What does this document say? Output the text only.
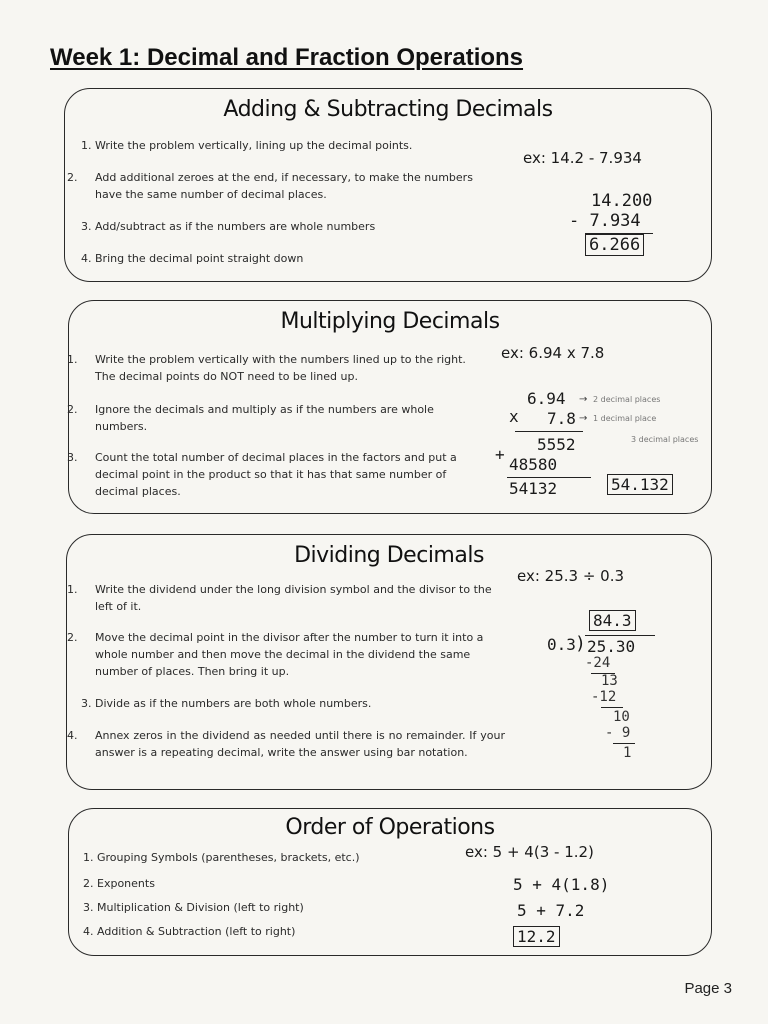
Week 1: Decimal and Fraction Operations
Adding & Subtracting Decimals
1. Write the problem vertically, lining up the decimal points.
2. Add additional zeroes at the end, if necessary, to make the numbers have the same number of decimal places.
3. Add/subtract as if the numbers are whole numbers
4. Bring the decimal point straight down
ex: 14.2 - 7.934
14.200
- 7.934
6.266
Multiplying Decimals
1. Write the problem vertically with the numbers lined up to the right. The decimal points do NOT need to be lined up.
2. Ignore the decimals and multiply as if the numbers are whole numbers.
3. Count the total number of decimal places in the factors and put a decimal point in the product so that it has that same number of decimal places.
ex: 6.94 x 7.8
6.94
x 7.8
→ 2 decimal places
→ 1 decimal place
3 decimal places
5552
+
48580
54132	54.132
Dividing Decimals
1. Write the dividend under the long division symbol and the divisor to the left of it.
2. Move the decimal point in the divisor after the number to turn it into a whole number and then move the decimal in the dividend the same number of places. Then bring it up.
3. Divide as if the numbers are both whole numbers.
4. Annex zeros in the dividend as needed until there is no remainder. If your answer is a repeating decimal, write the answer using bar notation.
ex: 25.3 ÷ 0.3
84.3
0.3 ) 25.30
-24
13
-12
10
- 9
1
Order of Operations
1. Grouping Symbols (parentheses, brackets, etc.)
2. Exponents
3. Multiplication & Division (left to right)
4. Addition & Subtraction (left to right)
ex: 5 + 4(3 - 1.2)
5 + 4(1.8)
5 + 7.2
12.2
Page 3
